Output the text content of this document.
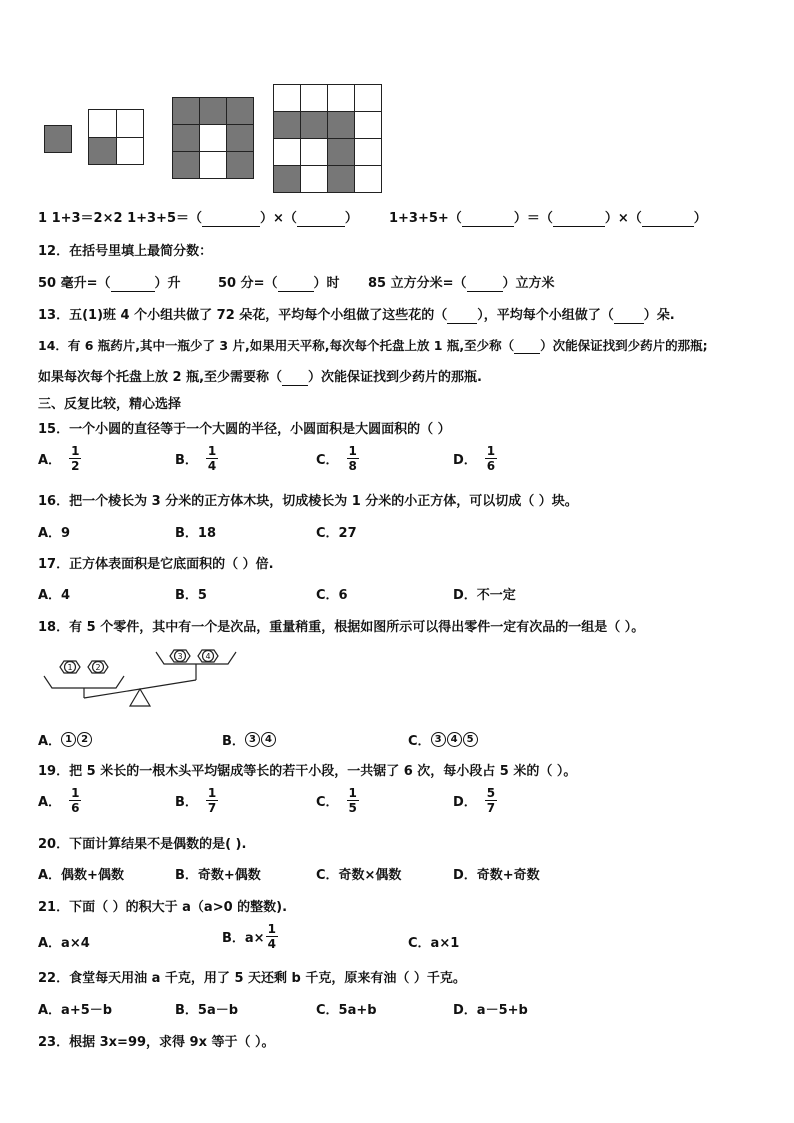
1 1+3＝2×2 1+3+5＝（	）×（	） 1+3+5+（	）＝（	）×（	）
12．在括号里填上最简分数：
50 毫升=（	）升	50 分=（	）时 85 立方分米=（	）立方米
13．五(1)班 4 个小组共做了 72 朵花，平均每个小组做了这些花的（ ），平均每个小组做了（ ）朵.
14．有 6 瓶药片,其中一瓶少了 3 片,如果用天平称,每次每个托盘上放 1 瓶,至少称（ ）次能保证找到少药片的那瓶;
如果每次每个托盘上放 2 瓶,至少需要称（ ）次能保证找到少药片的那瓶.
三、反复比较，精心选择
15．一个小圆的直径等于一个大圆的半径，小圆面积是大圆面积的（ ）
A． $\frac{1}{2}$	B． $\frac{1}{4}$	C． $\frac{1}{8}$	D． $\frac{1}{6}$
16．把一个棱长为 3 分米的正方体木块，切成棱长为 1 分米的小正方体，可以切成（ ）块。
A．9	B．18	C．27
17．正方体表面积是它底面积的（ ）倍.
A．4	B．5	C．6	D．不一定
18．有 5 个零件，其中有一个是次品，重量稍重，根据如图所示可以得出零件一定有次品的一组是（ ）。
1	2
3	4
A． 1 2	B． 3 4	C． 3 4 5
19．把 5 米长的一根木头平均锯成等长的若干小段，一共锯了 6 次，每小段占 5 米的（ ）。
A． $\frac{1}{6}$	B． $\frac{1}{7}$	C． $\frac{1}{5}$	D． $\frac{5}{7}$
20．下面计算结果不是偶数的是( ).
A．偶数+偶数	B．奇数+偶数	C．奇数×偶数	D．奇数+奇数
21．下面（ ）的积大于 a（a>0 的整数).
A．a×4	B．$a\times \frac{1}{4}$	C．a×1
22．食堂每天用油 a 千克，用了 5 天还剩 b 千克，原来有油（ ）千克。
A．a+5－b	B．5a－b	C．5a+b	D．a－5+b
23．根据 3x=99，求得 9x 等于（ ）。
